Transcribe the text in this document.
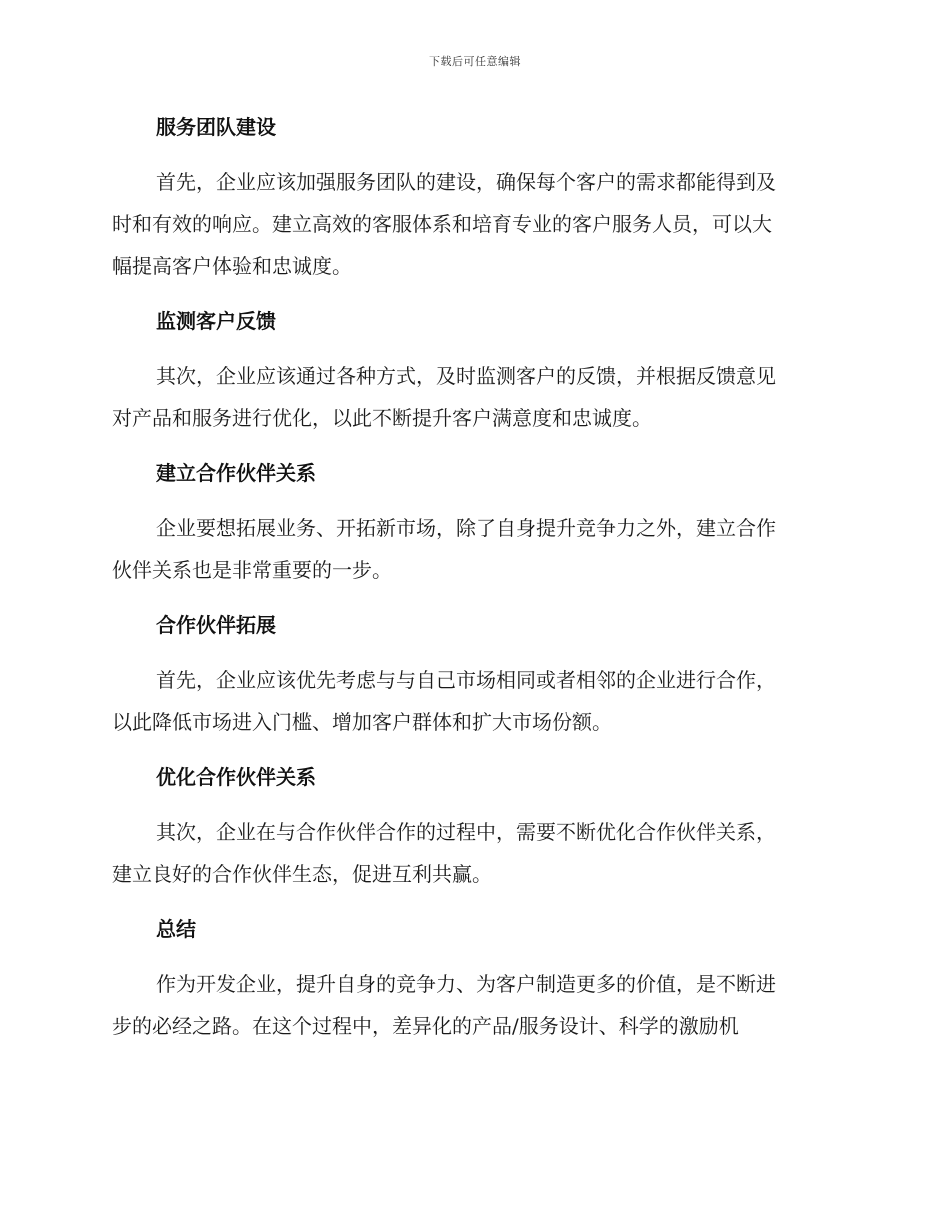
下载后可任意编辑
服务团队建设
首先，企业应该加强服务团队的建设，确保每个客户的需求都能得到及
时和有效的响应。建立高效的客服体系和培育专业的客户服务人员，可以大
幅提高客户体验和忠诚度。
监测客户反馈
其次，企业应该通过各种方式，及时监测客户的反馈，并根据反馈意见
对产品和服务进行优化，以此不断提升客户满意度和忠诚度。
建立合作伙伴关系
企业要想拓展业务、开拓新市场，除了自身提升竞争力之外，建立合作
伙伴关系也是非常重要的一步。
合作伙伴拓展
首先，企业应该优先考虑与与自己市场相同或者相邻的企业进行合作，
以此降低市场进入门槛、增加客户群体和扩大市场份额。
优化合作伙伴关系
其次，企业在与合作伙伴合作的过程中，需要不断优化合作伙伴关系，
建立良好的合作伙伴生态，促进互利共赢。
总结
作为开发企业，提升自身的竞争力、为客户制造更多的价值，是不断进
步的必经之路。在这个过程中，差异化的产品/服务设计、科学的激励机
